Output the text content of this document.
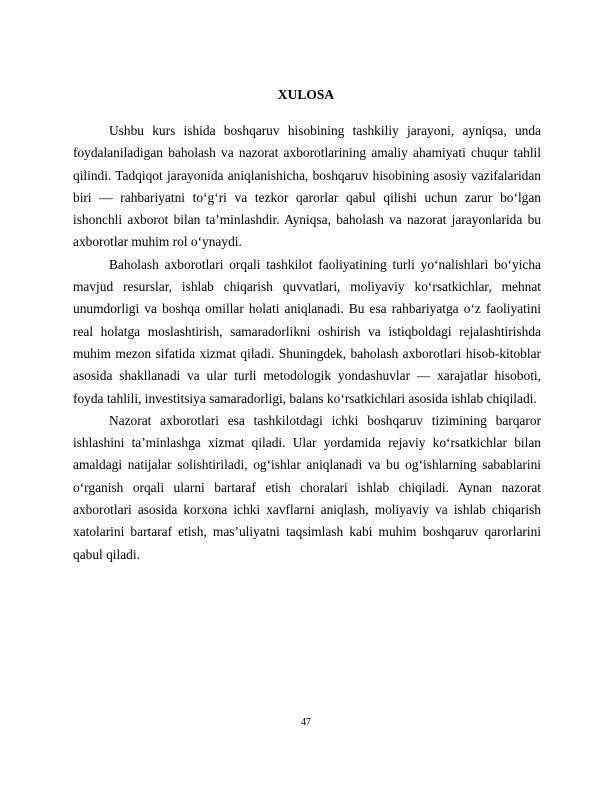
XULOSA

Ushbu kurs ishida boshqaruv hisobining tashkiliy jarayoni, ayniqsa, unda foydalaniladigan baholash va nazorat axborotlarining amaliy ahamiyati chuqur tahlil qilindi. Tadqiqot jarayonida aniqlanishicha, boshqaruv hisobining asosiy vazifalaridan biri — rahbariyatni to‘g‘ri va tezkor qarorlar qabul qilishi uchun zarur bo‘lgan ishonchli axborot bilan ta’minlashdir. Ayniqsa, baholash va nazorat jarayonlarida bu axborotlar muhim rol o‘ynaydi.

Baholash axborotlari orqali tashkilot faoliyatining turli yo‘nalishlari bo‘yicha mavjud resurslar, ishlab chiqarish quvvatlari, moliyaviy ko‘rsatkichlar, mehnat unumdorligi va boshqa omillar holati aniqlanadi. Bu esa rahbariyatga o‘z faoliyatini real holatga moslashtirish, samaradorlikni oshirish va istiqboldagi rejalashtirishda muhim mezon sifatida xizmat qiladi. Shuningdek, baholash axborotlari hisob-kitoblar asosida shakllanadi va ular turli metodologik yondashuvlar — xarajatlar hisoboti, foyda tahlili, investitsiya samaradorligi, balans ko‘rsatkichlari asosida ishlab chiqiladi.

Nazorat axborotlari esa tashkilotdagi ichki boshqaruv tizimining barqaror ishlashini ta’minlashga xizmat qiladi. Ular yordamida rejaviy ko‘rsatkichlar bilan amaldagi natijalar solishtiriladi, og‘ishlar aniqlanadi va bu og‘ishlarning sabablarini o‘rganish orqali ularni bartaraf etish choralari ishlab chiqiladi. Aynan nazorat axborotlari asosida korxona ichki xavflarni aniqlash, moliyaviy va ishlab chiqarish xatolarini bartaraf etish, mas’uliyatni taqsimlash kabi muhim boshqaruv qarorlarini qabul qiladi.

47
